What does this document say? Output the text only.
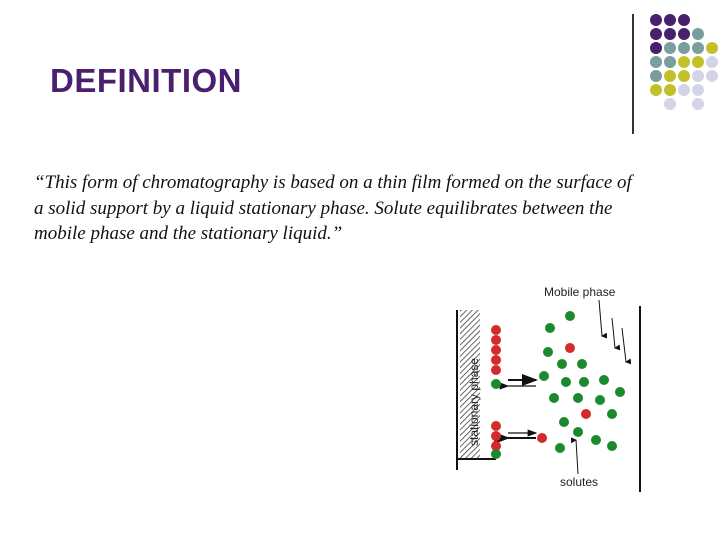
DEFINITION
“This form of chromatography is based on a thin film formed on the surface of a solid support by a liquid stationary phase. Solute equilibrates between the mobile phase and the stationary liquid.”
stationary phase
Mobile phase
solutes
